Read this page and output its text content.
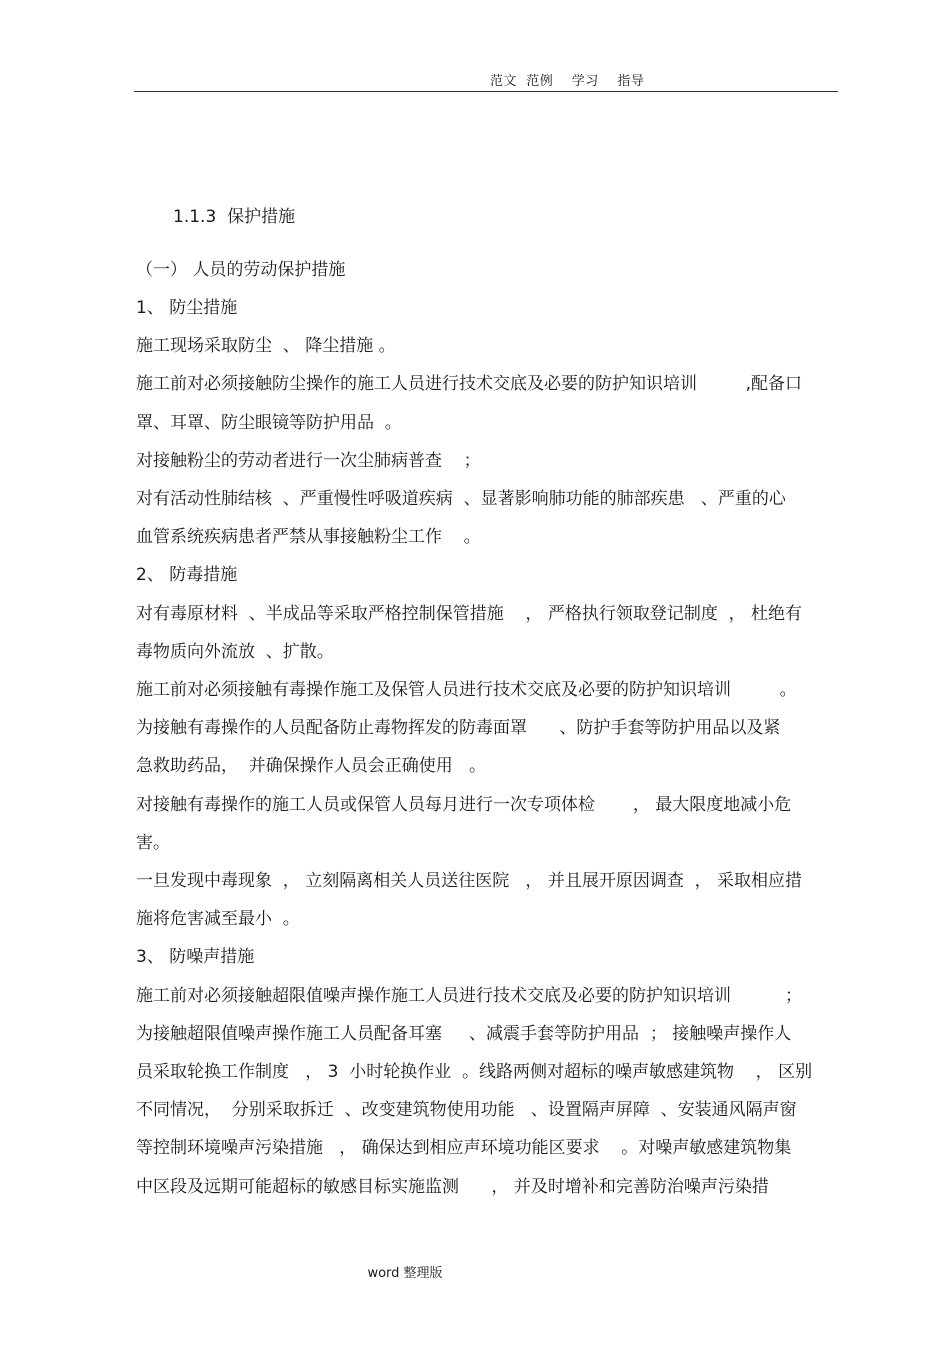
范文  范例    学习    指导
1.1.3  保护措施
（一） 人员的劳动保护措施
1、 防尘措施
施工现场采取防尘  、 降尘措施 。
施工前对必须接触防尘操作的施工人员进行技术交底及必要的防护知识培训         ,配备口
罩、耳罩、防尘眼镜等防护用品  。
对接触粉尘的劳动者进行一次尘肺病普查    ；
对有活动性肺结核  、严重慢性呼吸道疾病  、显著影响肺功能的肺部疾患   、严重的心
血管系统疾病患者严禁从事接触粉尘工作    。
2、 防毒措施
对有毒原材料  、半成品等采取严格控制保管措施    ， 严格执行领取登记制度  ， 杜绝有
毒物质向外流放  、扩散。
施工前对必须接触有毒操作施工及保管人员进行技术交底及必要的防护知识培训         。
为接触有毒操作的人员配备防止毒物挥发的防毒面罩      、防护手套等防护用品以及紧
急救助药品，  并确保操作人员会正确使用   。
对接触有毒操作的施工人员或保管人员每月进行一次专项体检       ， 最大限度地减小危
害。
一旦发现中毒现象  ， 立刻隔离相关人员送往医院   ， 并且展开原因调查  ， 采取相应措
施将危害减至最小  。
3、 防噪声措施
施工前对必须接触超限值噪声操作施工人员进行技术交底及必要的防护知识培训          ；
为接触超限值噪声操作施工人员配备耳塞     、减震手套等防护用品  ； 接触噪声操作人
员采取轮换工作制度   ， 3  小时轮换作业  。线路两侧对超标的噪声敏感建筑物    ， 区别
不同情况，  分别采取拆迁  、改变建筑物使用功能   、设置隔声屏障  、安装通风隔声窗
等控制环境噪声污染措施   ， 确保达到相应声环境功能区要求    。对噪声敏感建筑物集
中区段及远期可能超标的敏感目标实施监测      ， 并及时增补和完善防治噪声污染措
word 整理版
